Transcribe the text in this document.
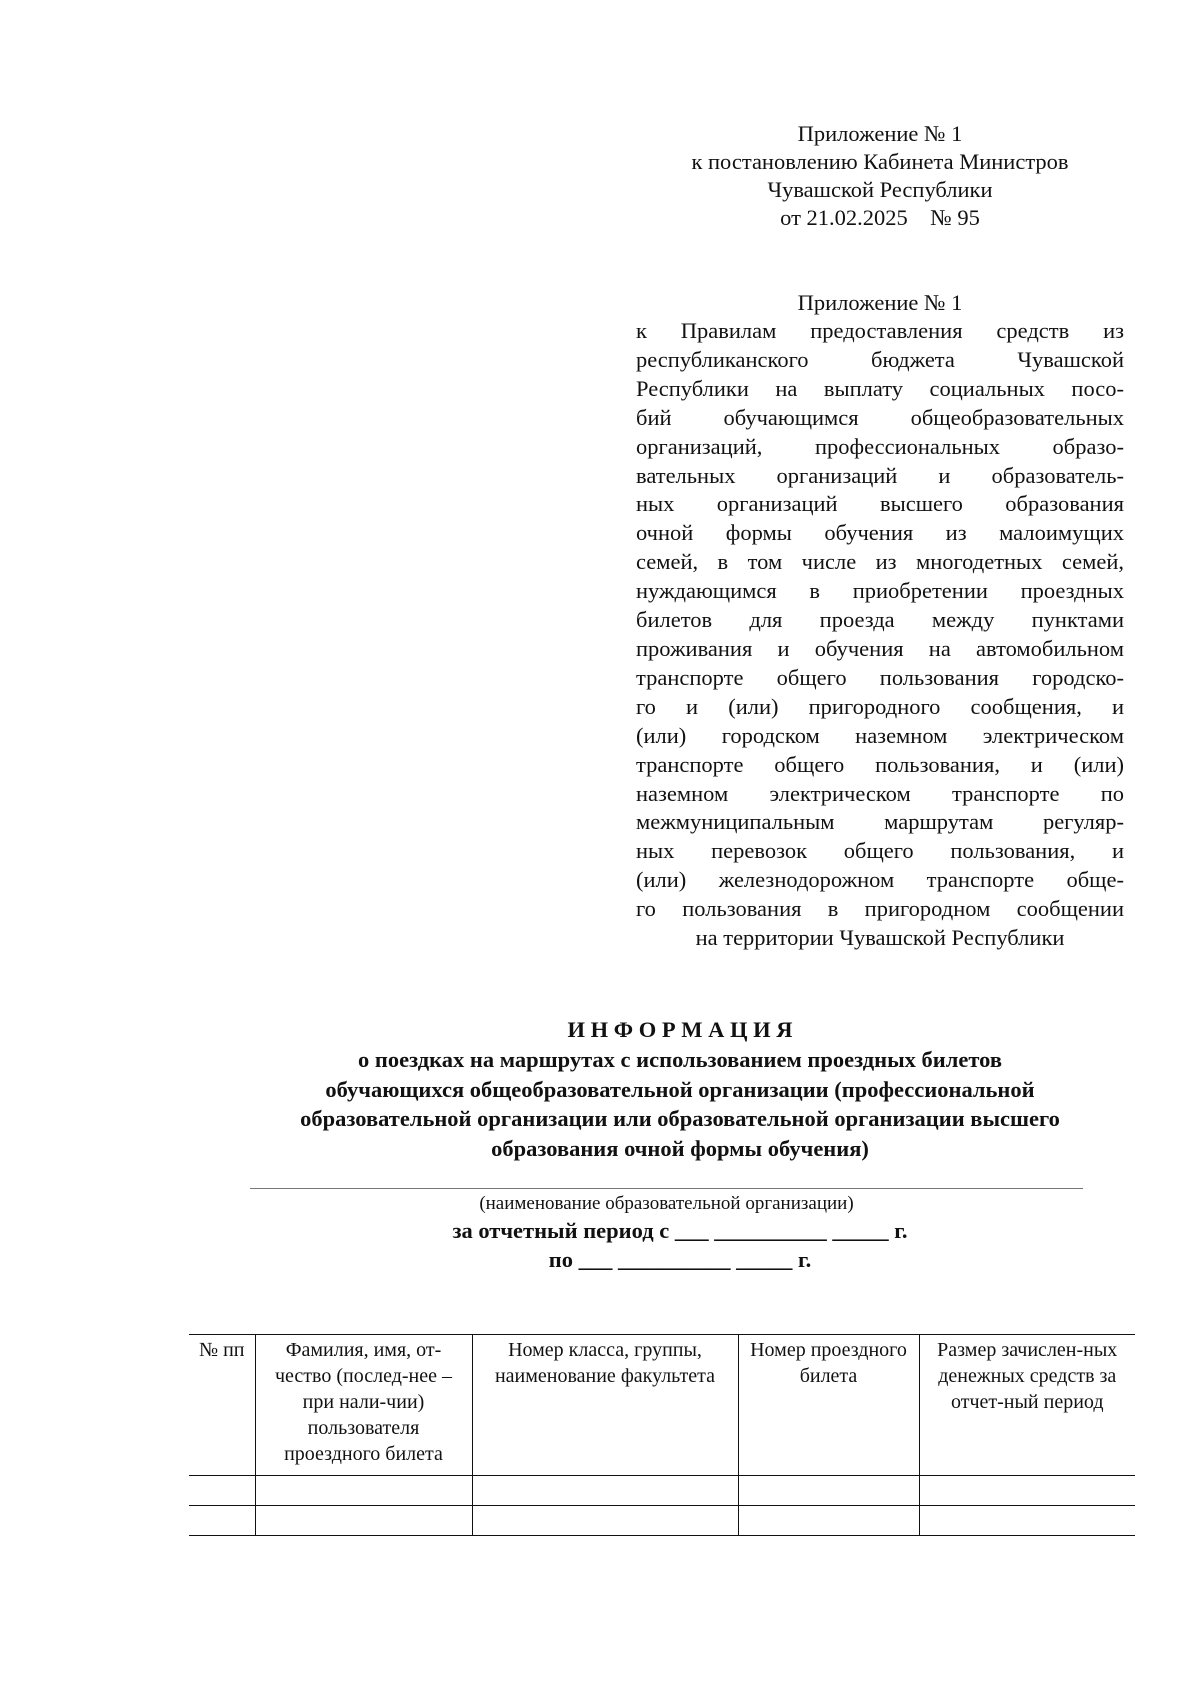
Приложение № 1
к постановлению Кабинета Министров
Чувашской Республики
от 21.02.2025    № 95
Приложение № 1
к Правилам предоставления средств из
республиканского бюджета Чувашской
Республики на выплату социальных посо-
бий обучающимся общеобразовательных
организаций, профессиональных образо-
вательных организаций и образователь-
ных организаций высшего образования
очной формы обучения из малоимущих
семей, в том числе из многодетных семей,
нуждающимся в приобретении проездных
билетов для проезда между пунктами
проживания и обучения на автомобильном
транспорте общего пользования городско-
го и (или) пригородного сообщения, и
(или) городском наземном электрическом
транспорте общего пользования, и (или)
наземном электрическом транспорте по
межмуниципальным маршрутам регуляр-
ных перевозок общего пользования, и
(или) железнодорожном транспорте обще-
го пользования в пригородном сообщении
на территории Чувашской Республики
И Н Ф О Р М А Ц И Я
о поездках на маршрутах с использованием проездных билетов
обучающихся общеобразовательной организации (профессиональной
образовательной организации или образовательной организации высшего
образования очной формы обучения)
(наименование образовательной организации)
за отчетный период с ___ __________ _____ г.
по ___ __________ _____ г.
№ пп	Фамилия, имя, от-чество (послед-нее – при нали-чии) пользователя проездного билета	Номер класса, группы, наименование факультета	Номер проездного билета	Размер зачислен-ных денежных средств за отчет-ный период
